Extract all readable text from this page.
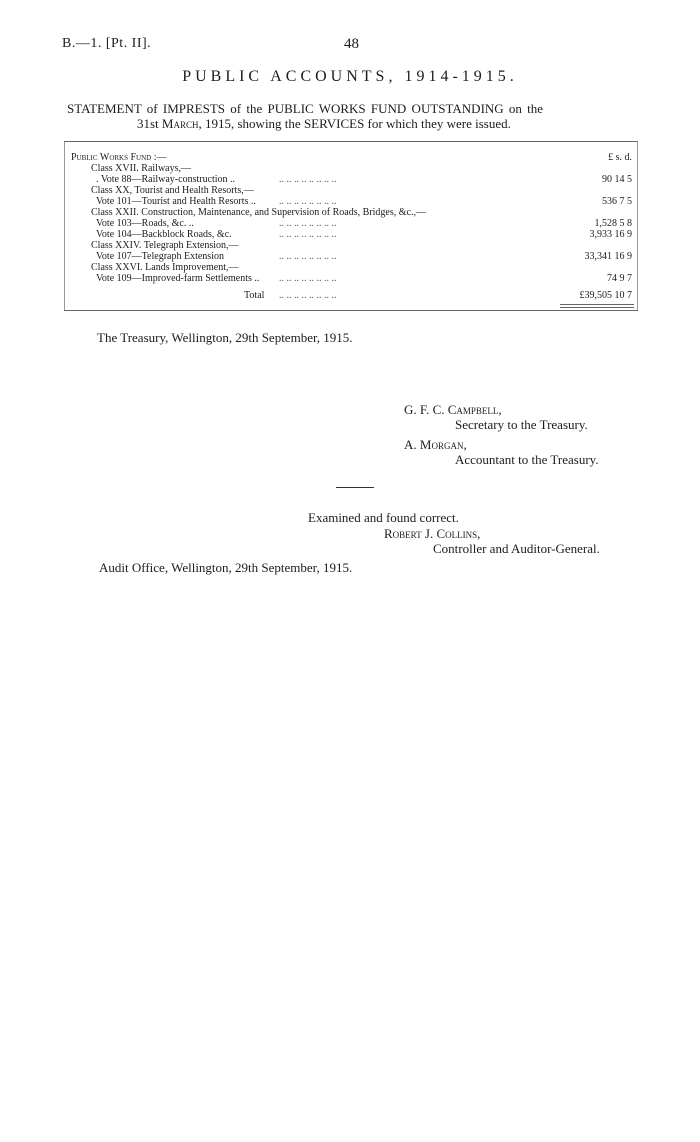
B.—1. [Pt. II].	48
PUBLIC ACCOUNTS, 1914-1915.
STATEMENT of IMPRESTS of the PUBLIC WORKS FUND OUTSTANDING on the
31st March, 1915, showing the SERVICES for which they were issued.
Public Works Fund :—	£ s. d.
Class XVII. Railways,—
. Vote 88—Railway-construction ..	.. .. .. .. .. .. .. ..	90 14 5
Class XX, Tourist and Health Resorts,—
Vote 101—Tourist and Health Resorts .. .. .. .. .. .. .. .. ..	536 7 5
Class XXII. Construction, Maintenance, and Supervision of Roads, Bridges, &c.,—
Vote 103—Roads, &c. ..	.. .. .. .. .. .. .. ..	1,528 5 8
Vote 104—Backblock Roads, &c.	.. .. .. .. .. .. .. ..	3,933 16 9
Class XXIV. Telegraph Extension,—
Vote 107—Telegraph Extension	.. .. .. .. .. .. .. ..	33,341 16 9
Class XXVI. Lands Improvement,—
Vote 109—Improved-farm Settlements .. .. .. .. .. .. .. .. ..	74 9 7
Total .. .. .. .. .. .. .. ..	£39,505 10 7
The Treasury, Wellington, 29th September, 1915.
G. F. C. Campbell,
Secretary to the Treasury.
A. Morgan,
Accountant to the Treasury.
Examined and found correct.
Robert J. Collins,
Controller and Auditor-General.
Audit Office, Wellington, 29th September, 1915.
